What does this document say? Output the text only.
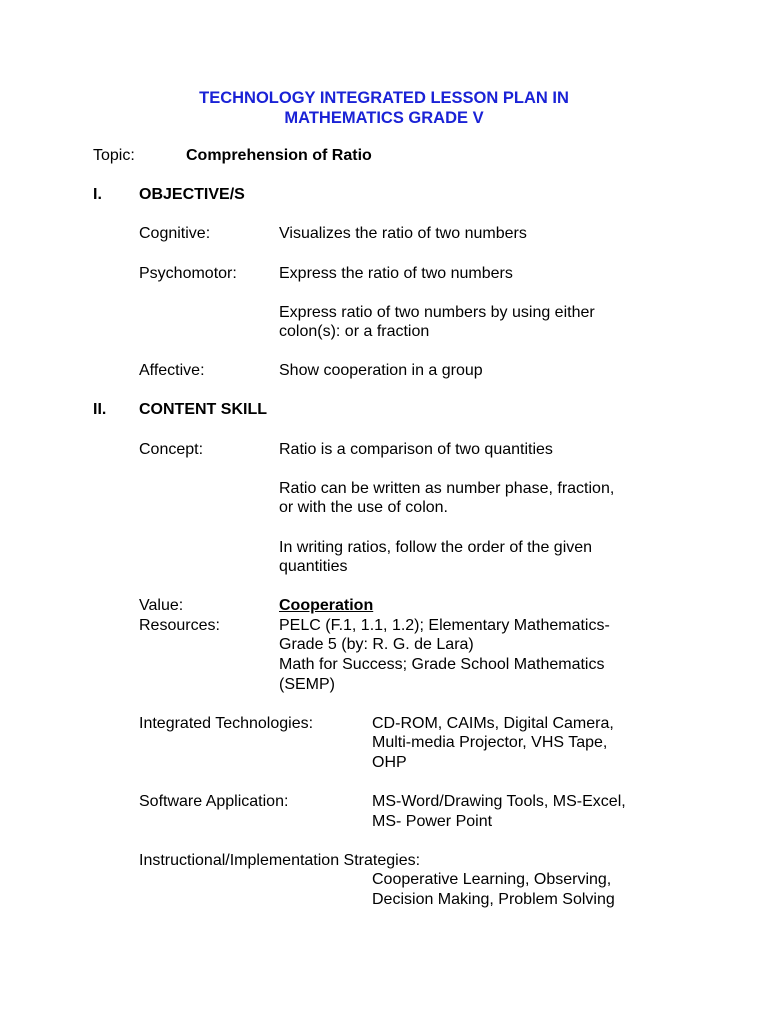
TECHNOLOGY INTEGRATED LESSON PLAN IN
MATHEMATICS GRADE V
Topic:	Comprehension of Ratio
I. OBJECTIVE/S
Cognitive:	Visualizes the ratio of two numbers
Psychomotor:	Express the ratio of two numbers
Express ratio of two numbers by using either
colon(s): or a fraction
Affective:	Show cooperation in a group
II. CONTENT SKILL
Concept:	Ratio is a comparison of two quantities
Ratio can be written as number phase, fraction,
or with the use of colon.
In writing ratios, follow the order of the given
quantities
Value:	Cooperation
Resources:	PELC (F.1, 1.1, 1.2); Elementary Mathematics-
Grade 5 (by: R. G. de Lara)
Math for Success; Grade School Mathematics
(SEMP)
Integrated Technologies:	CD-ROM, CAIMs, Digital Camera,
Multi-media Projector, VHS Tape,
OHP
Software Application:	MS-Word/Drawing Tools, MS-Excel,
MS- Power Point
Instructional/Implementation Strategies:
Cooperative Learning, Observing,
Decision Making, Problem Solving
